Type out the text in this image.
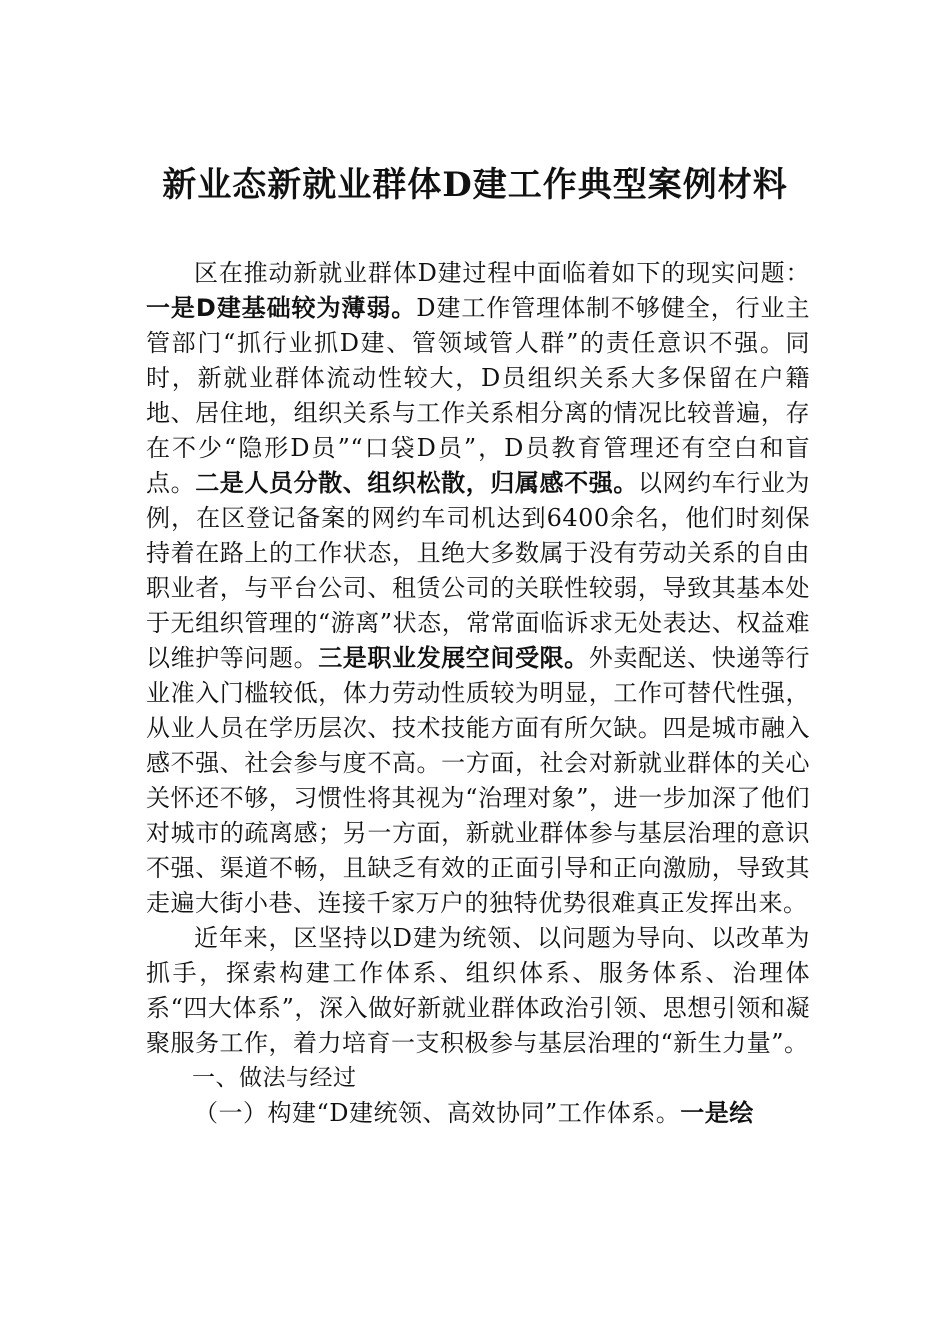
新业态新就业群体D建工作典型案例材料

区在推动新就业群体D建过程中面临着如下的现实问题：一是D建基础较为薄弱。D建工作管理体制不够健全，行业主管部门“抓行业抓D建、管领域管人群”的责任意识不强。同时，新就业群体流动性较大，D员组织关系大多保留在户籍地、居住地，组织关系与工作关系相分离的情况比较普遍，存在不少“隐形D员”“口袋D员”，D员教育管理还有空白和盲点。二是人员分散、组织松散，归属感不强。以网约车行业为例，在区登记备案的网约车司机达到6400余名，他们时刻保持着在路上的工作状态，且绝大多数属于没有劳动关系的自由职业者，与平台公司、租赁公司的关联性较弱，导致其基本处于无组织管理的“游离”状态，常常面临诉求无处表达、权益难以维护等问题。三是职业发展空间受限。外卖配送、快递等行业准入门槛较低，体力劳动性质较为明显，工作可替代性强，从业人员在学历层次、技术技能方面有所欠缺。四是城市融入感不强、社会参与度不高。一方面，社会对新就业群体的关心关怀还不够，习惯性将其视为“治理对象”，进一步加深了他们对城市的疏离感；另一方面，新就业群体参与基层治理的意识不强、渠道不畅，且缺乏有效的正面引导和正向激励，导致其走遍大街小巷、连接千家万户的独特优势很难真正发挥出来。

近年来，区坚持以D建为统领、以问题为导向、以改革为抓手，探索构建工作体系、组织体系、服务体系、治理体系“四大体系”，深入做好新就业群体政治引领、思想引领和凝聚服务工作，着力培育一支积极参与基层治理的“新生力量”。

一、做法与经过

（一）构建“D建统领、高效协同”工作体系。一是绘
